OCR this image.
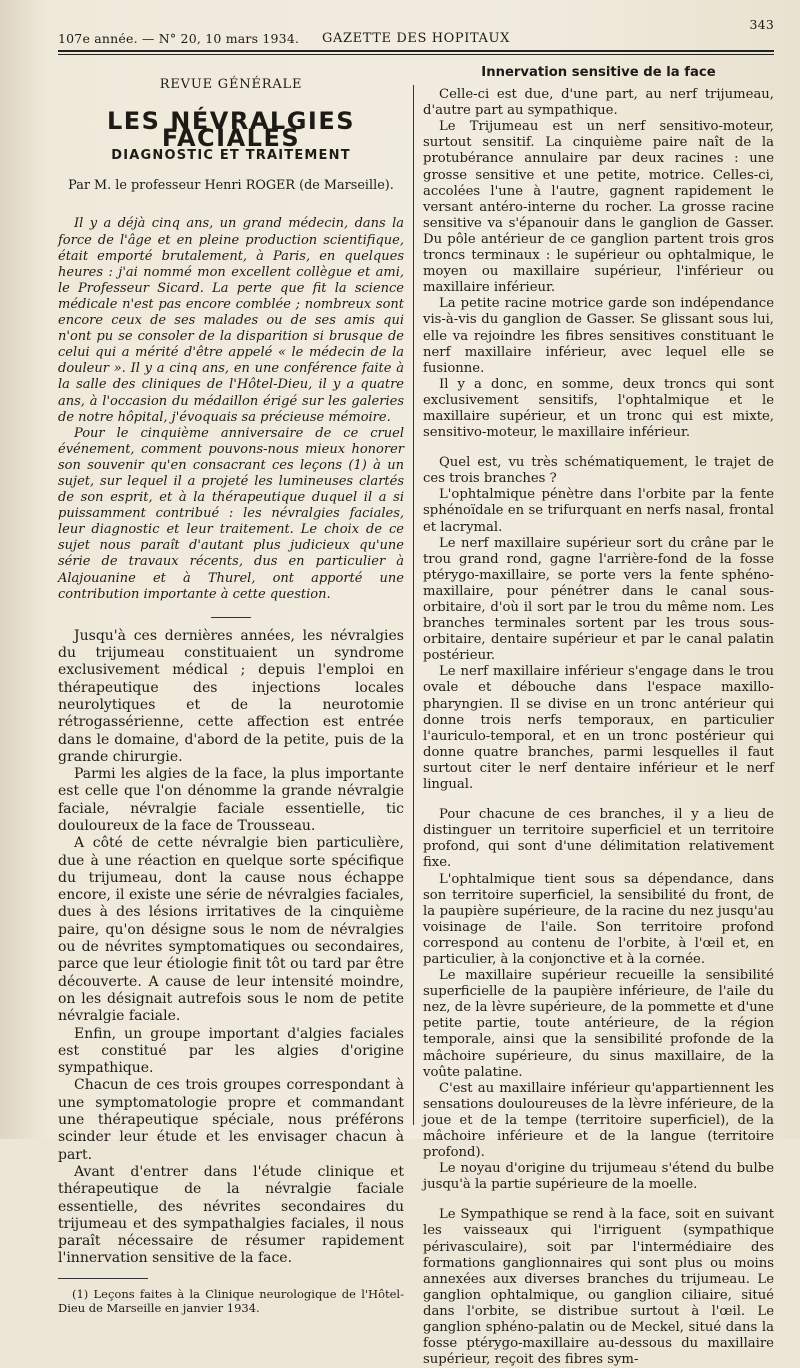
107e année. — N° 20, 10 mars 1934.	GAZETTE DES HOPITAUX
343

REVUE GÉNÉRALE

LES NÉVRALGIES FACIALES

DIAGNOSTIC ET TRAITEMENT

Par M. le professeur Henri ROGER (de Marseille).

Il y a déjà cinq ans, un grand médecin, dans la force de l'âge et en pleine production scientifique, était emporté brutalement, à Paris, en quelques heures : j'ai nommé mon excellent collègue et ami, le Professeur Sicard. La perte que fit la science médicale n'est pas encore comblée ; nombreux sont encore ceux de ses malades ou de ses amis qui n'ont pu se consoler de la disparition si brusque de celui qui a mérité d'être appelé « le médecin de la douleur ». Il y a cinq ans, en une conférence faite à la salle des cliniques de l'Hôtel-Dieu, il y a quatre ans, à l'occasion du médaillon érigé sur les galeries de notre hôpital, j'évoquais sa précieuse mémoire.

Pour le cinquième anniversaire de ce cruel événement, comment pouvons-nous mieux honorer son souvenir qu'en consacrant ces leçons (1) à un sujet, sur lequel il a projeté les lumineuses clartés de son esprit, et à la thérapeutique duquel il a si puissamment contribué : les névralgies faciales, leur diagnostic et leur traitement. Le choix de ce sujet nous paraît d'autant plus judicieux qu'une série de travaux récents, dus en particulier à Alajouanine et à Thurel, ont apporté une contribution importante à cette question.

Jusqu'à ces dernières années, les névralgies du trijumeau constituaient un syndrome exclusivement médical ; depuis l'emploi en thérapeutique des injections locales neurolytiques et de la neurotomie rétrogassérienne, cette affection est entrée dans le domaine, d'abord de la petite, puis de la grande chirurgie.

Parmi les algies de la face, la plus importante est celle que l'on dénomme la grande névralgie faciale, névralgie faciale essentielle, tic douloureux de la face de Trousseau.

A côté de cette névralgie bien particulière, due à une réaction en quelque sorte spécifique du trijumeau, dont la cause nous échappe encore, il existe une série de névralgies faciales, dues à des lésions irritatives de la cinquième paire, qu'on désigne sous le nom de névralgies ou de névrites symptomatiques ou secondaires, parce que leur étiologie finit tôt ou tard par être découverte. A cause de leur intensité moindre, on les désignait autrefois sous le nom de petite névralgie faciale.

Enfin, un groupe important d'algies faciales est constitué par les algies d'origine sympathique.

Chacun de ces trois groupes correspondant à une symptomatologie propre et commandant une thérapeutique spéciale, nous préférons scinder leur étude et les envisager chacun à part.

Avant d'entrer dans l'étude clinique et thérapeutique de la névralgie faciale essentielle, des névrites secondaires du trijumeau et des sympathalgies faciales, il nous paraît nécessaire de résumer rapidement l'innervation sensitive de la face.

(1) Leçons faites à la Clinique neurologique de l'Hôtel-Dieu de Marseille en janvier 1934.

Innervation sensitive de la face

Celle-ci est due, d'une part, au nerf trijumeau, d'autre part au sympathique.

Le Trijumeau est un nerf sensitivo-moteur, surtout sensitif. La cinquième paire naît de la protubérance annulaire par deux racines : une grosse sensitive et une petite, motrice. Celles-ci, accolées l'une à l'autre, gagnent rapidement le versant antéro-interne du rocher. La grosse racine sensitive va s'épanouir dans le ganglion de Gasser. Du pôle antérieur de ce ganglion partent trois gros troncs terminaux : le supérieur ou ophtalmique, le moyen ou maxillaire supérieur, l'inférieur ou maxillaire inférieur.

La petite racine motrice garde son indépendance vis-à-vis du ganglion de Gasser. Se glissant sous lui, elle va rejoindre les fibres sensitives constituant le nerf maxillaire inférieur, avec lequel elle se fusionne.

Il y a donc, en somme, deux troncs qui sont exclusivement sensitifs, l'ophtalmique et le maxillaire supérieur, et un tronc qui est mixte, sensitivo-moteur, le maxillaire inférieur.

Quel est, vu très schématiquement, le trajet de ces trois branches ?

L'ophtalmique pénètre dans l'orbite par la fente sphénoïdale en se trifurquant en nerfs nasal, frontal et lacrymal.

Le nerf maxillaire supérieur sort du crâne par le trou grand rond, gagne l'arrière-fond de la fosse ptérygo-maxillaire, se porte vers la fente sphéno-maxillaire, pour pénétrer dans le canal sous-orbitaire, d'où il sort par le trou du même nom. Les branches terminales sortent par les trous sous-orbitaire, dentaire supérieur et par le canal palatin postérieur.

Le nerf maxillaire inférieur s'engage dans le trou ovale et débouche dans l'espace maxillo-pharyngien. Il se divise en un tronc antérieur qui donne trois nerfs temporaux, en particulier l'auriculo-temporal, et en un tronc postérieur qui donne quatre branches, parmi lesquelles il faut surtout citer le nerf dentaire inférieur et le nerf lingual.

Pour chacune de ces branches, il y a lieu de distinguer un territoire superficiel et un territoire profond, qui sont d'une délimitation relativement fixe.

L'ophtalmique tient sous sa dépendance, dans son territoire superficiel, la sensibilité du front, de la paupière supérieure, de la racine du nez jusqu'au voisinage de l'aile. Son territoire profond correspond au contenu de l'orbite, à l'œil et, en particulier, à la conjonctive et à la cornée.

Le maxillaire supérieur recueille la sensibilité superficielle de la paupière inférieure, de l'aile du nez, de la lèvre supérieure, de la pommette et d'une petite partie, toute antérieure, de la région temporale, ainsi que la sensibilité profonde de la mâchoire supérieure, du sinus maxillaire, de la voûte palatine.

C'est au maxillaire inférieur qu'appartiennent les sensations douloureuses de la lèvre inférieure, de la joue et de la tempe (territoire superficiel), de la mâchoire inférieure et de la langue (territoire profond).

Le noyau d'origine du trijumeau s'étend du bulbe jusqu'à la partie supérieure de la moelle.

Le Sympathique se rend à la face, soit en suivant les vaisseaux qui l'irriguent (sympathique périvasculaire), soit par l'intermédiaire des formations ganglionnaires qui sont plus ou moins annexées aux diverses branches du trijumeau. Le ganglion ophtalmique, ou ganglion ciliaire, situé dans l'orbite, se distribue surtout à l'œil. Le ganglion sphéno-palatin ou de Meckel, situé dans la fosse ptérygo-maxillaire au-dessous du maxillaire supérieur, reçoit des fibres sym-
